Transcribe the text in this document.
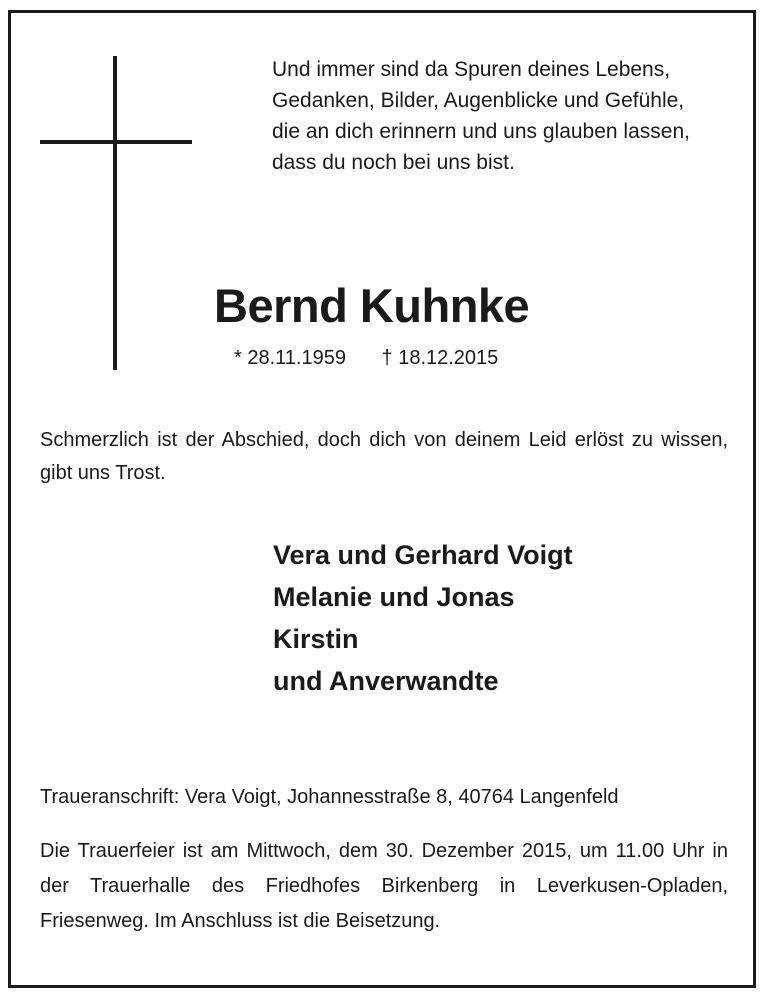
Und immer sind da Spuren deines Lebens,
Gedanken, Bilder, Augenblicke und Gefühle,
die an dich erinnern und uns glauben lassen,
dass du noch bei uns bist.
Bernd Kuhnke
* 28.11.1959 † 18.12.2015
Schmerzlich ist der Abschied, doch dich von deinem Leid erlöst zu wissen, gibt uns Trost.
Vera und Gerhard Voigt
Melanie und Jonas
Kirstin
und Anverwandte
Traueranschrift: Vera Voigt, Johannesstraße 8, 40764 Langenfeld
Die Trauerfeier ist am Mittwoch, dem 30. Dezember 2015, um 11.00 Uhr in der Trauerhalle des Friedhofes Birkenberg in Leverkusen-Opladen, Friesenweg. Im Anschluss ist die Beisetzung.
